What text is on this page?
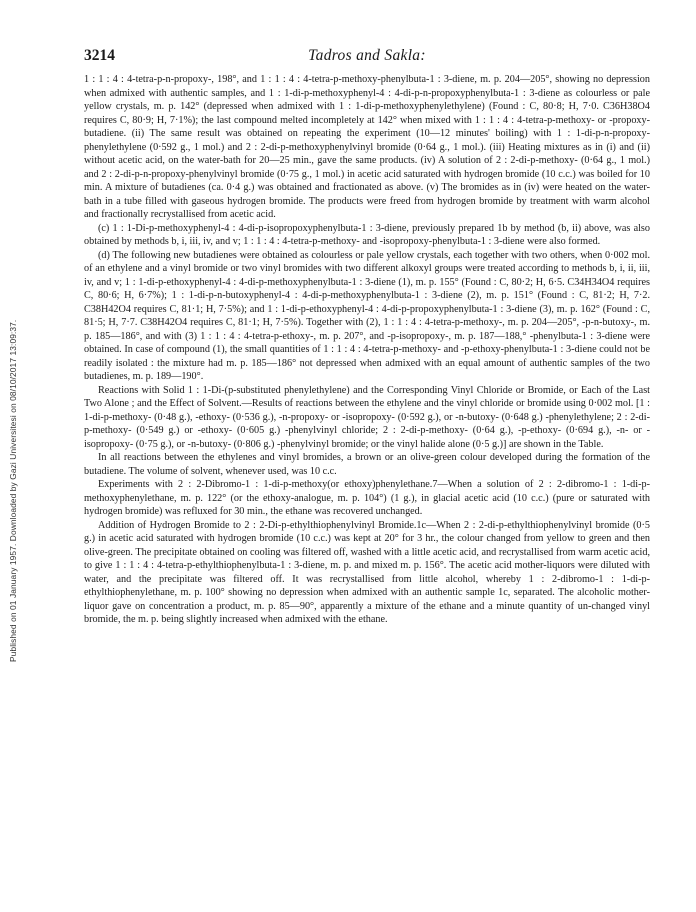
Published on 01 January 1957. Downloaded by Gazi Universitesi on 08/10/2017 13:09:37.
3214	Tadros and Sakla:

1 : 1 : 4 : 4-tetra-p-n-propoxy-, 198°, and 1 : 1 : 4 : 4-tetra-p-methoxy-phenylbuta-1 : 3-diene, m. p. 204—205°, showing no depression when admixed with authentic samples, and 1 : 1-di-p-methoxyphenyl-4 : 4-di-p-n-propoxyphenylbuta-1 : 3-diene as colourless or pale yellow crystals, m. p. 142° (depressed when admixed with 1 : 1-di-p-methoxyphenylethylene) (Found : C, 80·8; H, 7·0. C36H38O4 requires C, 80·9; H, 7·1%); the last compound melted incompletely at 142° when mixed with 1 : 1 : 4 : 4-tetra-p-methoxy- or -propoxy-butadiene. (ii) The same result was obtained on repeating the experiment (10—12 minutes' boiling) with 1 : 1-di-p-n-propoxy-phenylethylene (0·592 g., 1 mol.) and 2 : 2-di-p-methoxyphenylvinyl bromide (0·64 g., 1 mol.). (iii) Heating mixtures as in (i) and (ii) without acetic acid, on the water-bath for 20—25 min., gave the same products. (iv) A solution of 2 : 2-di-p-methoxy- (0·64 g., 1 mol.) and 2 : 2-di-p-n-propoxy-phenylvinyl bromide (0·75 g., 1 mol.) in acetic acid saturated with hydrogen bromide (10 c.c.) was boiled for 10 min. A mixture of butadienes (ca. 0·4 g.) was obtained and fractionated as above. (v) The bromides as in (iv) were heated on the water-bath in a tube filled with gaseous hydrogen bromide. The products were freed from hydrogen bromide by treatment with warm alcohol and fractionally recrystallised from acetic acid.

(c) 1 : 1-Di-p-methoxyphenyl-4 : 4-di-p-isopropoxyphenylbuta-1 : 3-diene, previously prepared 1b by method (b, ii) above, was also obtained by methods b, i, iii, iv, and v; 1 : 1 : 4 : 4-tetra-p-methoxy- and -isopropoxy-phenylbuta-1 : 3-diene were also formed.

(d) The following new butadienes were obtained as colourless or pale yellow crystals, each together with two others, when 0·002 mol. of an ethylene and a vinyl bromide or two vinyl bromides with two different alkoxyl groups were treated according to methods b, i, ii, iii, iv, and v; 1 : 1-di-p-ethoxyphenyl-4 : 4-di-p-methoxyphenylbuta-1 : 3-diene (1), m. p. 155° (Found : C, 80·2; H, 6·5. C34H34O4 requires C, 80·6; H, 6·7%); 1 : 1-di-p-n-butoxyphenyl-4 : 4-di-p-methoxyphenylbuta-1 : 3-diene (2), m. p. 151° (Found : C, 81·2; H, 7·2. C38H42O4 requires C, 81·1; H, 7·5%); and 1 : 1-di-p-ethoxyphenyl-4 : 4-di-p-propoxyphenylbuta-1 : 3-diene (3), m. p. 162° (Found : C, 81·5; H, 7·7. C38H42O4 requires C, 81·1; H, 7·5%). Together with (2), 1 : 1 : 4 : 4-tetra-p-methoxy-, m. p. 204—205°, -p-n-butoxy-, m. p. 185—186°, and with (3) 1 : 1 : 4 : 4-tetra-p-ethoxy-, m. p. 207°, and -p-isopropoxy-, m. p. 187—188,° -phenylbuta-1 : 3-diene were obtained. In case of compound (1), the small quantities of 1 : 1 : 4 : 4-tetra-p-methoxy- and -p-ethoxy-phenylbuta-1 : 3-diene could not be readily isolated : the mixture had m. p. 185—186° not depressed when admixed with an equal amount of authentic samples of the two butadienes, m. p. 189—190°.

Reactions with Solid 1 : 1-Di-(p-substituted phenylethylene) and the Corresponding Vinyl Chloride or Bromide, or Each of the Last Two Alone ; and the Effect of Solvent.—Results of reactions between the ethylene and the vinyl chloride or bromide using 0·002 mol. [1 : 1-di-p-methoxy- (0·48 g.), -ethoxy- (0·536 g.), -n-propoxy- or -isopropoxy- (0·592 g.), or -n-butoxy- (0·648 g.) -phenylethylene; 2 : 2-di-p-methoxy- (0·549 g.) or -ethoxy- (0·605 g.) -phenylvinyl chloride; 2 : 2-di-p-methoxy- (0·64 g.), -p-ethoxy- (0·694 g.), -n- or -isopropoxy- (0·75 g.), or -n-butoxy- (0·806 g.) -phenylvinyl bromide; or the vinyl halide alone (0·5 g.)] are shown in the Table.

In all reactions between the ethylenes and vinyl bromides, a brown or an olive-green colour developed during the formation of the butadiene. The volume of solvent, whenever used, was 10 c.c.

Experiments with 2 : 2-Dibromo-1 : 1-di-p-methoxy(or ethoxy)phenylethane.7—When a solution of 2 : 2-dibromo-1 : 1-di-p-methoxyphenylethane, m. p. 122° (or the ethoxy-analogue, m. p. 104°) (1 g.), in glacial acetic acid (10 c.c.) (pure or saturated with hydrogen bromide) was refluxed for 30 min., the ethane was recovered unchanged.

Addition of Hydrogen Bromide to 2 : 2-Di-p-ethylthiophenylvinyl Bromide.1c—When 2 : 2-di-p-ethylthiophenylvinyl bromide (0·5 g.) in acetic acid saturated with hydrogen bromide (10 c.c.) was kept at 20° for 3 hr., the colour changed from yellow to green and then olive-green. The precipitate obtained on cooling was filtered off, washed with a little acetic acid, and recrystallised from warm acetic acid, to give 1 : 1 : 4 : 4-tetra-p-ethylthiophenylbuta-1 : 3-diene, m. p. and mixed m. p. 156°. The acetic acid mother-liquors were diluted with water, and the precipitate was filtered off. It was recrystallised from little alcohol, whereby 1 : 2-dibromo-1 : 1-di-p-ethylthiophenylethane, m. p. 100° showing no depression when admixed with an authentic sample 1c, separated. The alcoholic mother-liquor gave on concentration a product, m. p. 85—90°, apparently a mixture of the ethane and a minute quantity of un-changed vinyl bromide, the m. p. being slightly increased when admixed with the ethane.
